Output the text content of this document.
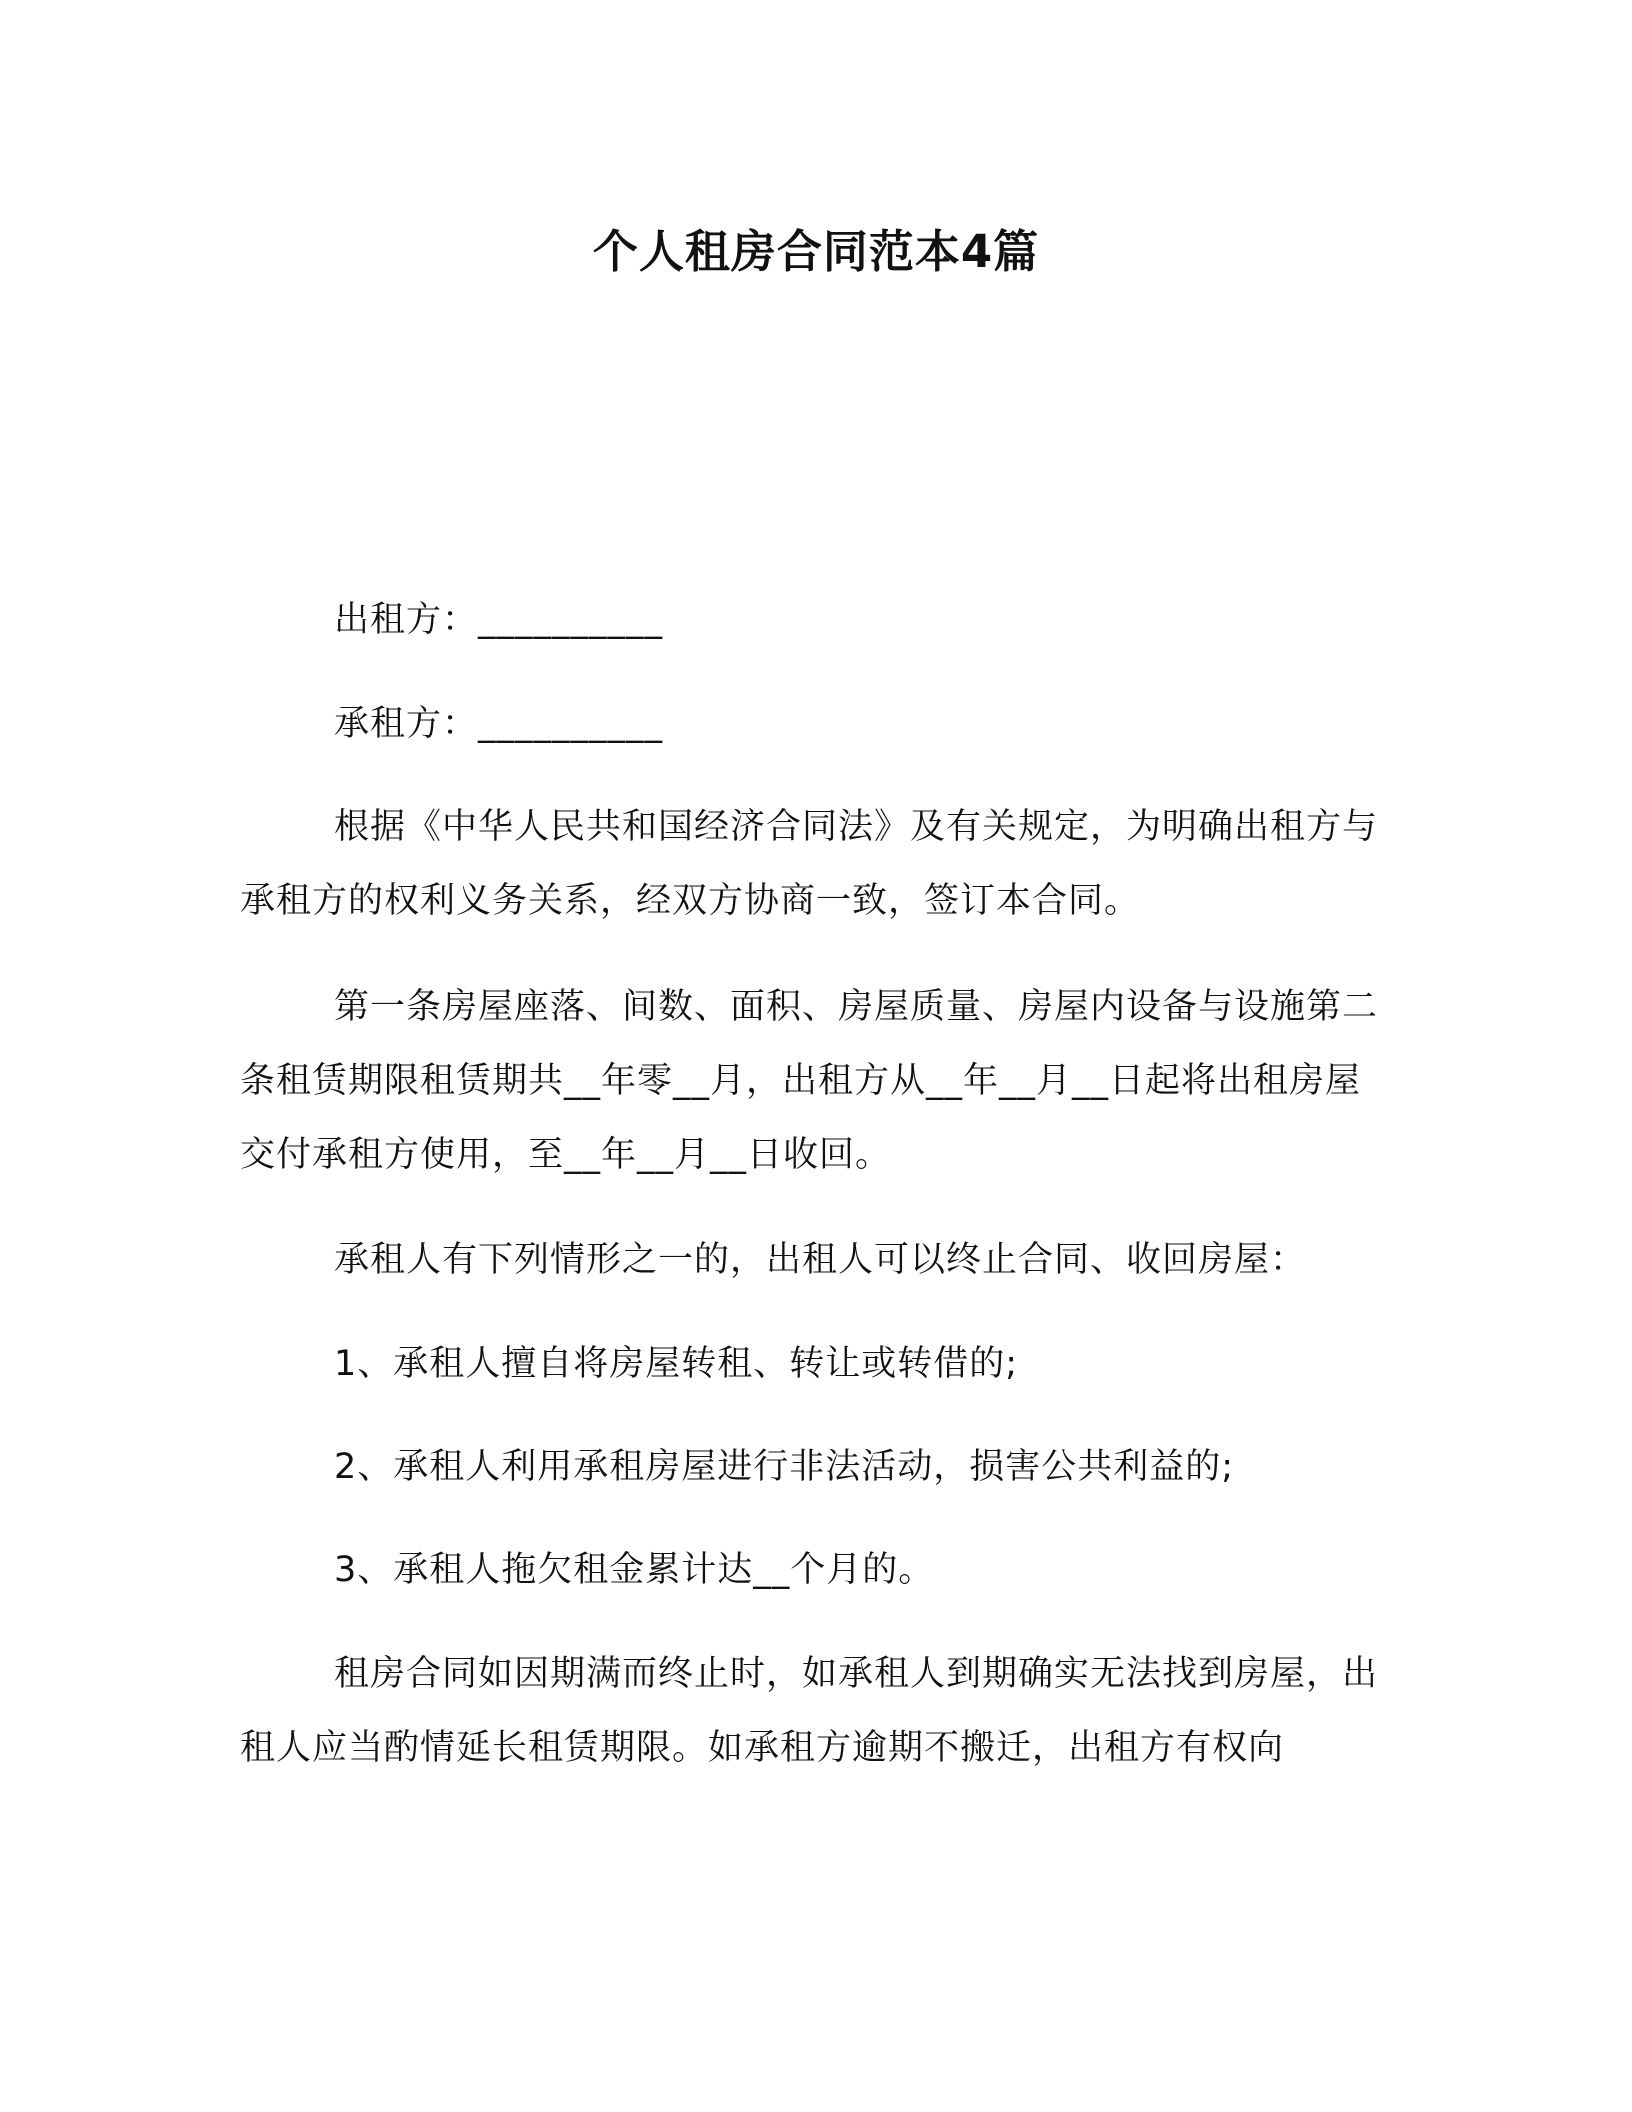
个人租房合同范本4篇
出租方：__________
承租方：__________
根据《中华人民共和国经济合同法》及有关规定，为明确出租方与承租方的权利义务关系，经双方协商一致，签订本合同。
第一条房屋座落、间数、面积、房屋质量、房屋内设备与设施第二条租赁期限租赁期共__年零__月，出租方从__年__月__日起将出租房屋交付承租方使用，至__年__月__日收回。
承租人有下列情形之一的，出租人可以终止合同、收回房屋：
1、承租人擅自将房屋转租、转让或转借的;
2、承租人利用承租房屋进行非法活动，损害公共利益的;
3、承租人拖欠租金累计达__个月的。
租房合同如因期满而终止时，如承租人到期确实无法找到房屋，出租人应当酌情延长租赁期限。如承租方逾期不搬迁，出租方有权向
